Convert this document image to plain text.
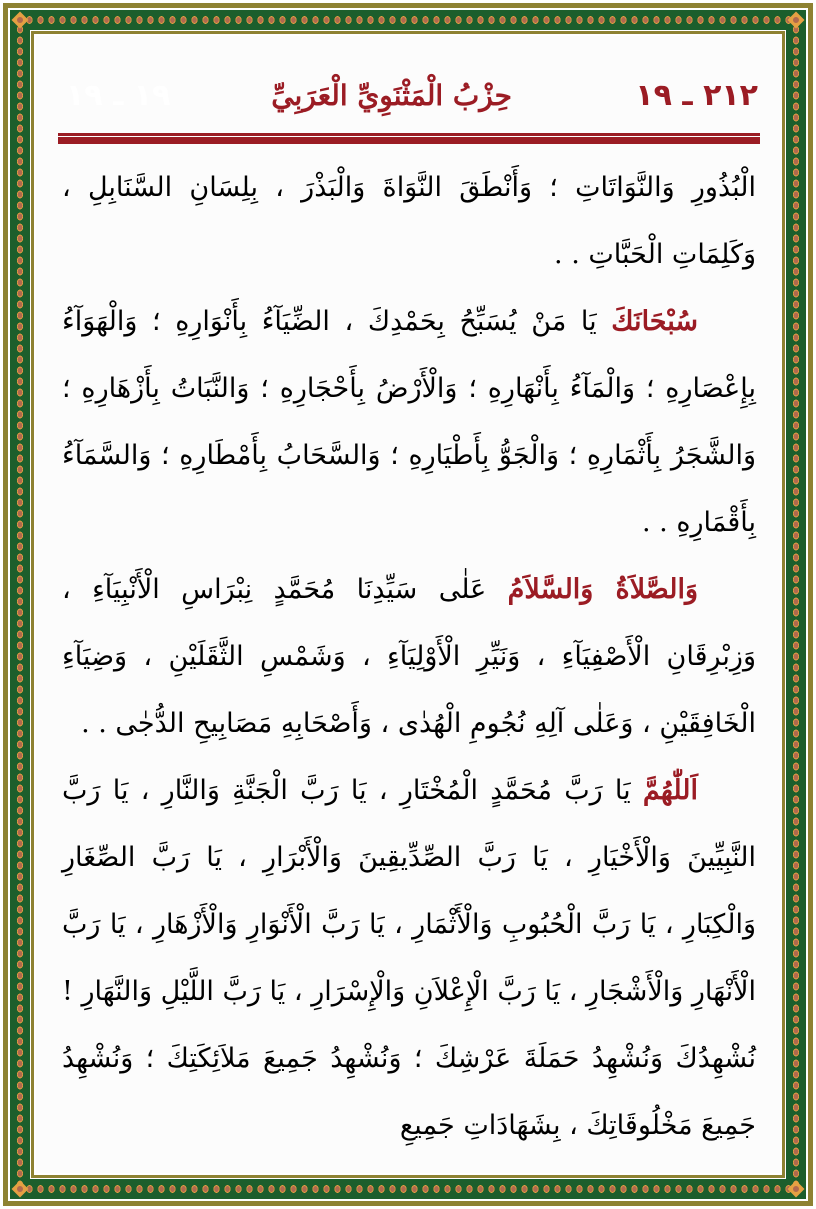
٢١٢ ـ ١٩
حِزْبُ الْمَثْنَوِيِّ الْعَرَبِيِّ
١٩ ـ ١٩

الْبُذُورِ وَالنَّوَاتَاتِ ؛ وَأَنْطَقَ النَّوَاةَ وَالْبَذْرَ ، بِلِسَانِ السَّنَابِلِ ، وَكَلِمَاتِ الْحَبَّاتِ . .

سُبْحَانَكَ يَا مَنْ يُسَبِّحُ بِحَمْدِكَ ، الضِّيَآءُ بِأَنْوَارِهِ ؛ وَالْهَوَآءُ بِإِعْصَارِهِ ؛ وَالْمَآءُ بِأَنْهَارِهِ ؛ وَالْأَرْضُ بِأَحْجَارِهِ ؛ وَالنَّبَاتُ بِأَزْهَارِهِ ؛ وَالشَّجَرُ بِأَثْمَارِهِ ؛ وَالْجَوُّ بِأَطْيَارِهِ ؛ وَالسَّحَابُ بِأَمْطَارِهِ ؛ وَالسَّمَآءُ بِأَقْمَارِهِ . .

وَالصَّلاَةُ وَالسَّلاَمُ عَلٰى سَيِّدِنَا مُحَمَّدٍ نِبْرَاسِ الْأَنْبِيَآءِ ، وَزِبْرِقَانِ الْأَصْفِيَآءِ ، وَنَيِّرِ الْأَوْلِيَآءِ ، وَشَمْسِ الثَّقَلَيْنِ ، وَضِيَآءِ الْخَافِقَيْنِ ، وَعَلٰى آلِهِ نُجُومِ الْهُدٰى ، وَأَصْحَابِهِ مَصَابِيحِ الدُّجٰى . .

اَللّٰهُمَّ يَا رَبَّ مُحَمَّدٍ الْمُخْتَارِ ، يَا رَبَّ الْجَنَّةِ وَالنَّارِ ، يَا رَبَّ النَّبِيِّينَ وَالْأَخْيَارِ ، يَا رَبَّ الصِّدِّيقِينَ وَالْأَبْرَارِ ، يَا رَبَّ الصِّغَارِ وَالْكِبَارِ ، يَا رَبَّ الْحُبُوبِ وَالْأَثْمَارِ ، يَا رَبَّ الْأَنْوَارِ وَالْأَزْهَارِ ، يَا رَبَّ الْأَنْهَارِ وَالْأَشْجَارِ ، يَا رَبَّ الْإِعْلاَنِ وَالْإِسْرَارِ ، يَا رَبَّ اللَّيْلِ وَالنَّهَارِ ! نُشْهِدُكَ وَنُشْهِدُ حَمَلَةَ عَرْشِكَ ؛ وَنُشْهِدُ جَمِيعَ مَلاَئِكَتِكَ ؛ وَنُشْهِدُ جَمِيعَ مَخْلُوقَاتِكَ ، بِشَهَادَاتِ جَمِيعِ
